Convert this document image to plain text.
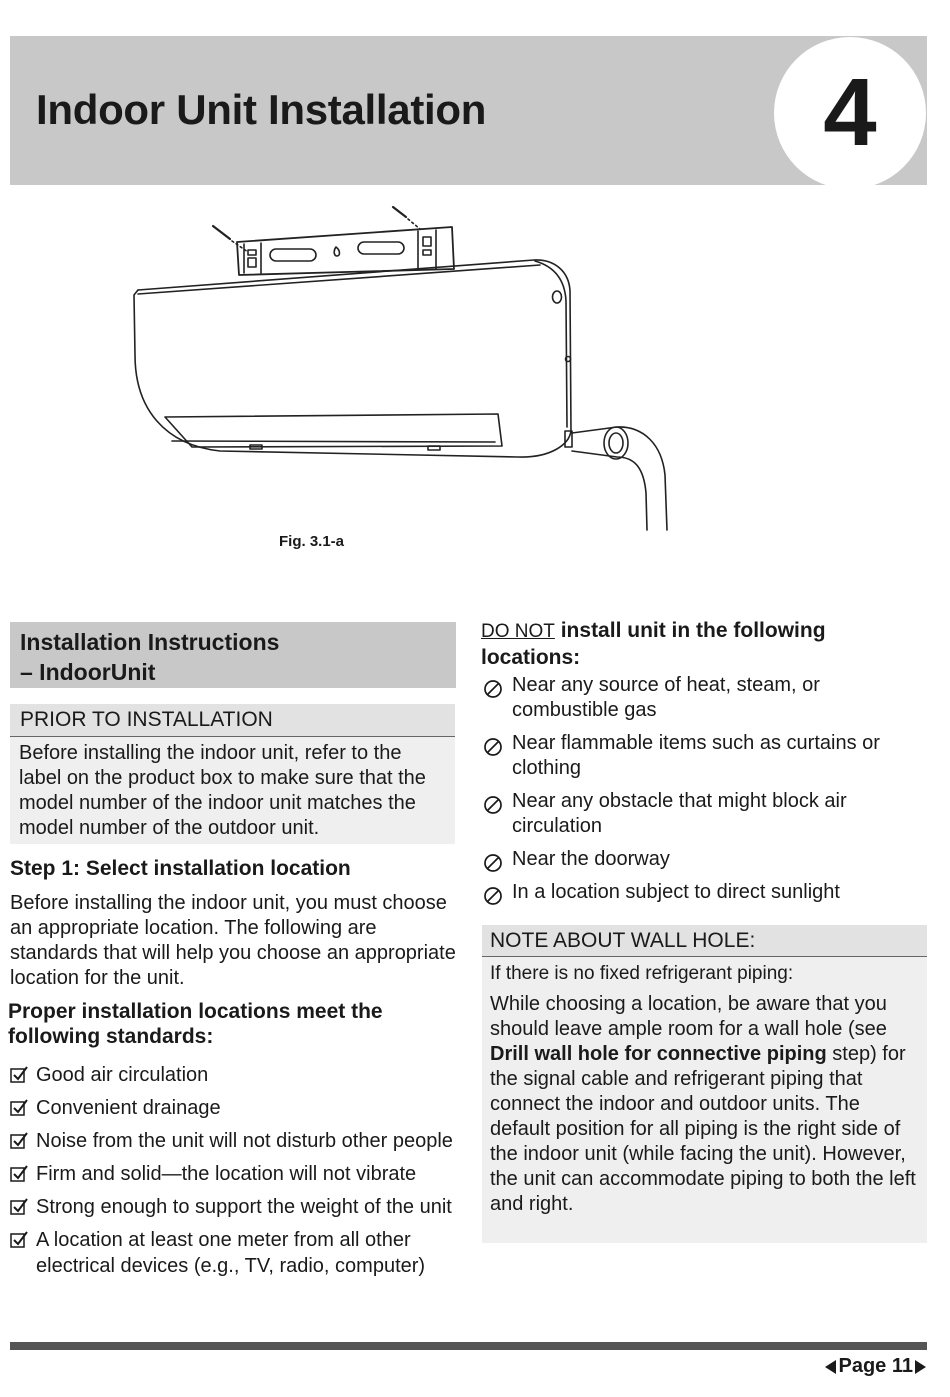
Indoor Unit Installation	4
Fig. 3.1-a
Installation Instructions
– IndoorUnit
PRIOR TO INSTALLATION
Before installing the indoor unit, refer to the label on the product box to make sure that the model number of the indoor unit matches the model number of the outdoor unit.
Step 1: Select installation location
Before installing the indoor unit, you must choose an appropriate location. The following are standards that will help you choose an appropriate location for the unit.
Proper installation locations meet the following standards:
Good air circulation
Convenient drainage
Noise from the unit will not disturb other people
Firm and solid—the location will not vibrate
Strong enough to support the weight of the unit
A location at least one meter from all other electrical devices (e.g., TV, radio, computer)
DO NOT install unit in the following locations:
Near any source of heat, steam, or combustible gas
Near flammable items such as curtains or clothing
Near any obstacle that might block air circulation
Near the doorway
In a location subject to direct sunlight
NOTE ABOUT WALL HOLE:
If there is no fixed refrigerant piping:
While choosing a location, be aware that you should leave ample room for a wall hole (see Drill wall hole for connective piping step) for the signal cable and refrigerant piping that connect the indoor and outdoor units. The default position for all piping is the right side of the indoor unit (while facing the unit). However, the unit can accommodate piping to both the left and right.
Page 11
